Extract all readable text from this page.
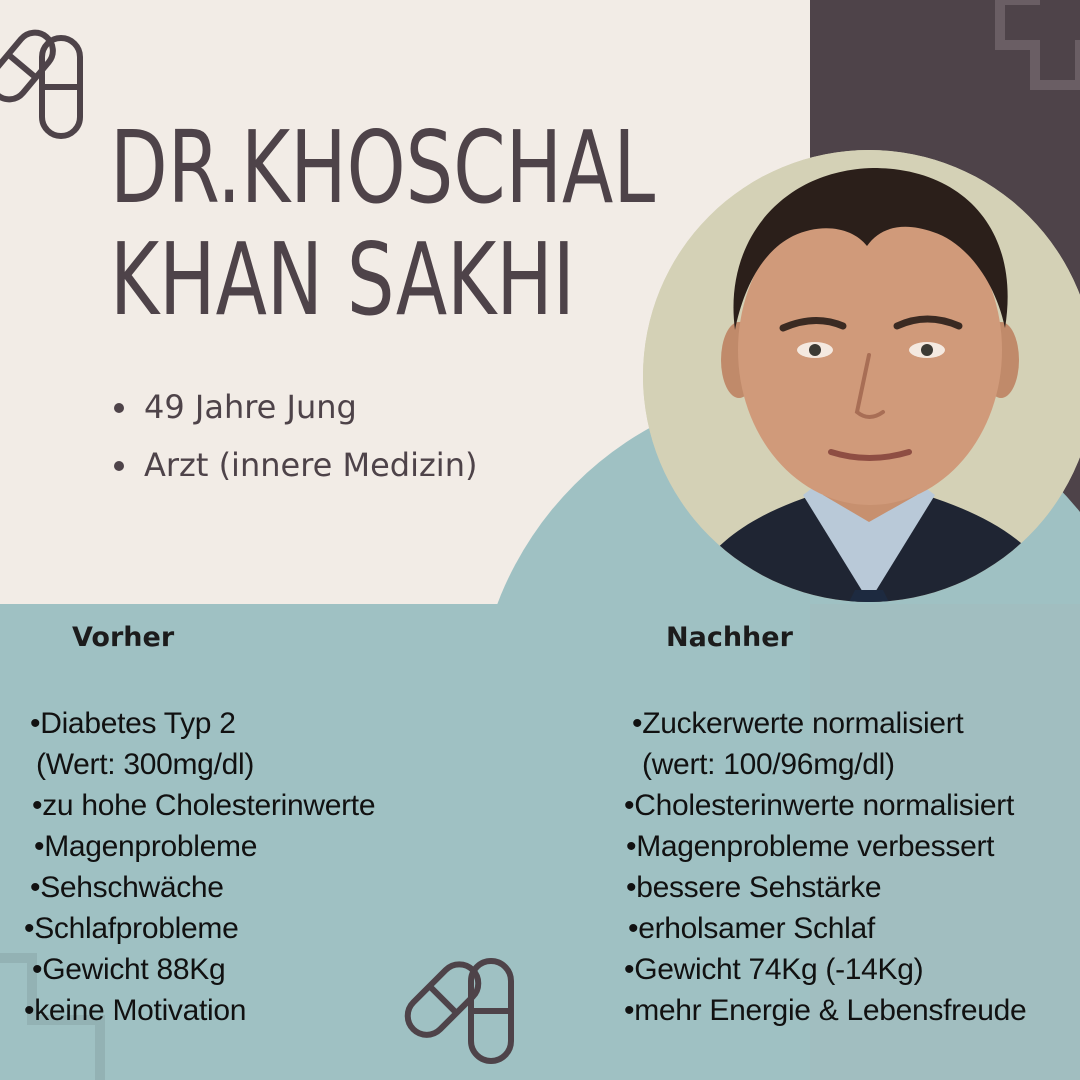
DR.KHOSCHAL
KHAN SAKHI
49 Jahre Jung
Arzt (innere Medizin)
Vorher	Nachher
•Diabetes Typ 2
(Wert: 300mg/dl)
•zu hohe Cholesterinwerte
•Magenprobleme
•Sehschwäche
•Schlafprobleme
•Gewicht 88Kg
•keine Motivation
•Zuckerwerte normalisiert
(wert: 100/96mg/dl)
•Cholesterinwerte normalisiert
•Magenprobleme verbessert
•bessere Sehstärke
•erholsamer Schlaf
•Gewicht 74Kg (-14Kg)
•mehr Energie & Lebensfreude
